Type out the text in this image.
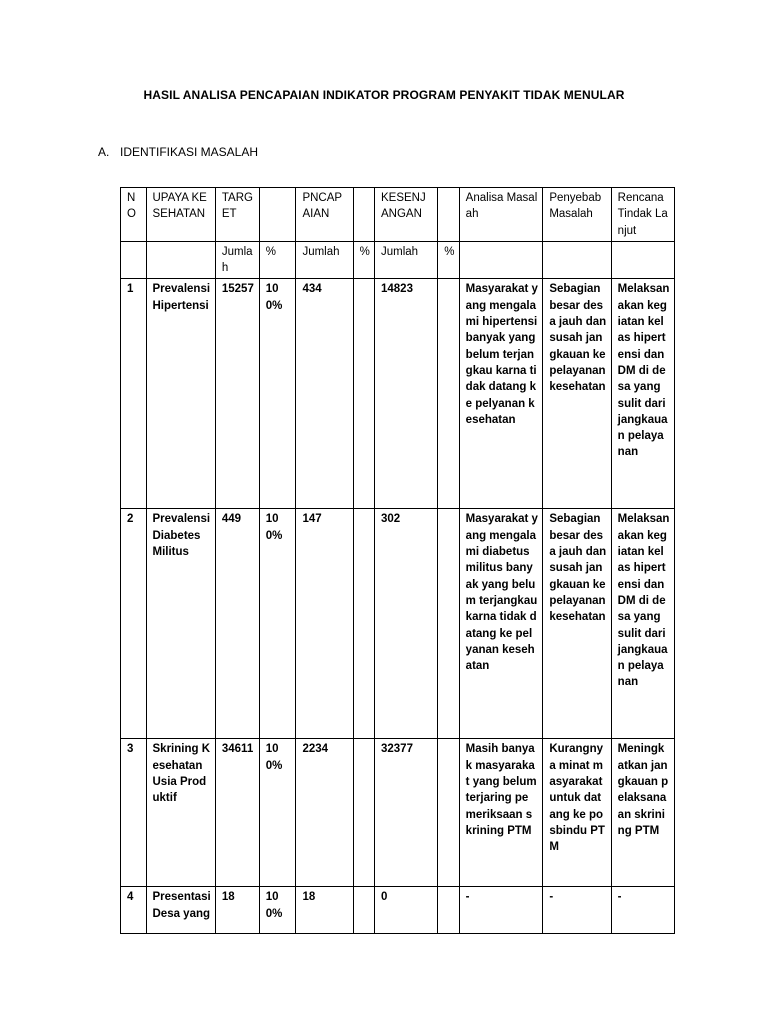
HASIL ANALISA PENCAPAIAN INDIKATOR PROGRAM PENYAKIT TIDAK MENULAR
A. IDENTIFIKASI MASALAH
NO	UPAYA KESEHATAN	TARGET		PNCAPAIAN		KESENJANGAN		Analisa Masalah	Penyebab Masalah	Rencana Tindak Lanjut
		Jumlah	%	Jumlah	%	Jumlah	%			
1	Prevalensi Hipertensi	15257	100%	434		14823		Masyarakat yang mengalami hipertensi banyak yang belum terjangkau karna tidak datang ke pelyanan kesehatan	Sebagian besar desa jauh dan susah jangkauan ke pelayanan kesehatan	Melaksanakan kegiatan kelas hipertensi dan DM di desa yang sulit dari jangkauan pelayanan
2	Prevalensi Diabetes Militus	449	100%	147		302		Masyarakat yang mengalami diabetus militus banyak yang belum terjangkau karna tidak datang ke pelyanan kesehatan	Sebagian besar desa jauh dan susah jangkauan ke pelayanan kesehatan	Melaksanakan kegiatan kelas hipertensi dan DM di desa yang sulit dari jangkauan pelayanan
3	Skrining Kesehatan Usia Produktif	34611	100%	2234		32377		Masih banyak masyarakat yang belum terjaring pemeriksaan skrining PTM	Kurangnya minat masyarakat untuk datang ke posbindu PTM	Meningkatkan jangkauan pelaksanaan skrining PTM
4	Presentasi Desa yang	18	100%	18		0		-	-	-
